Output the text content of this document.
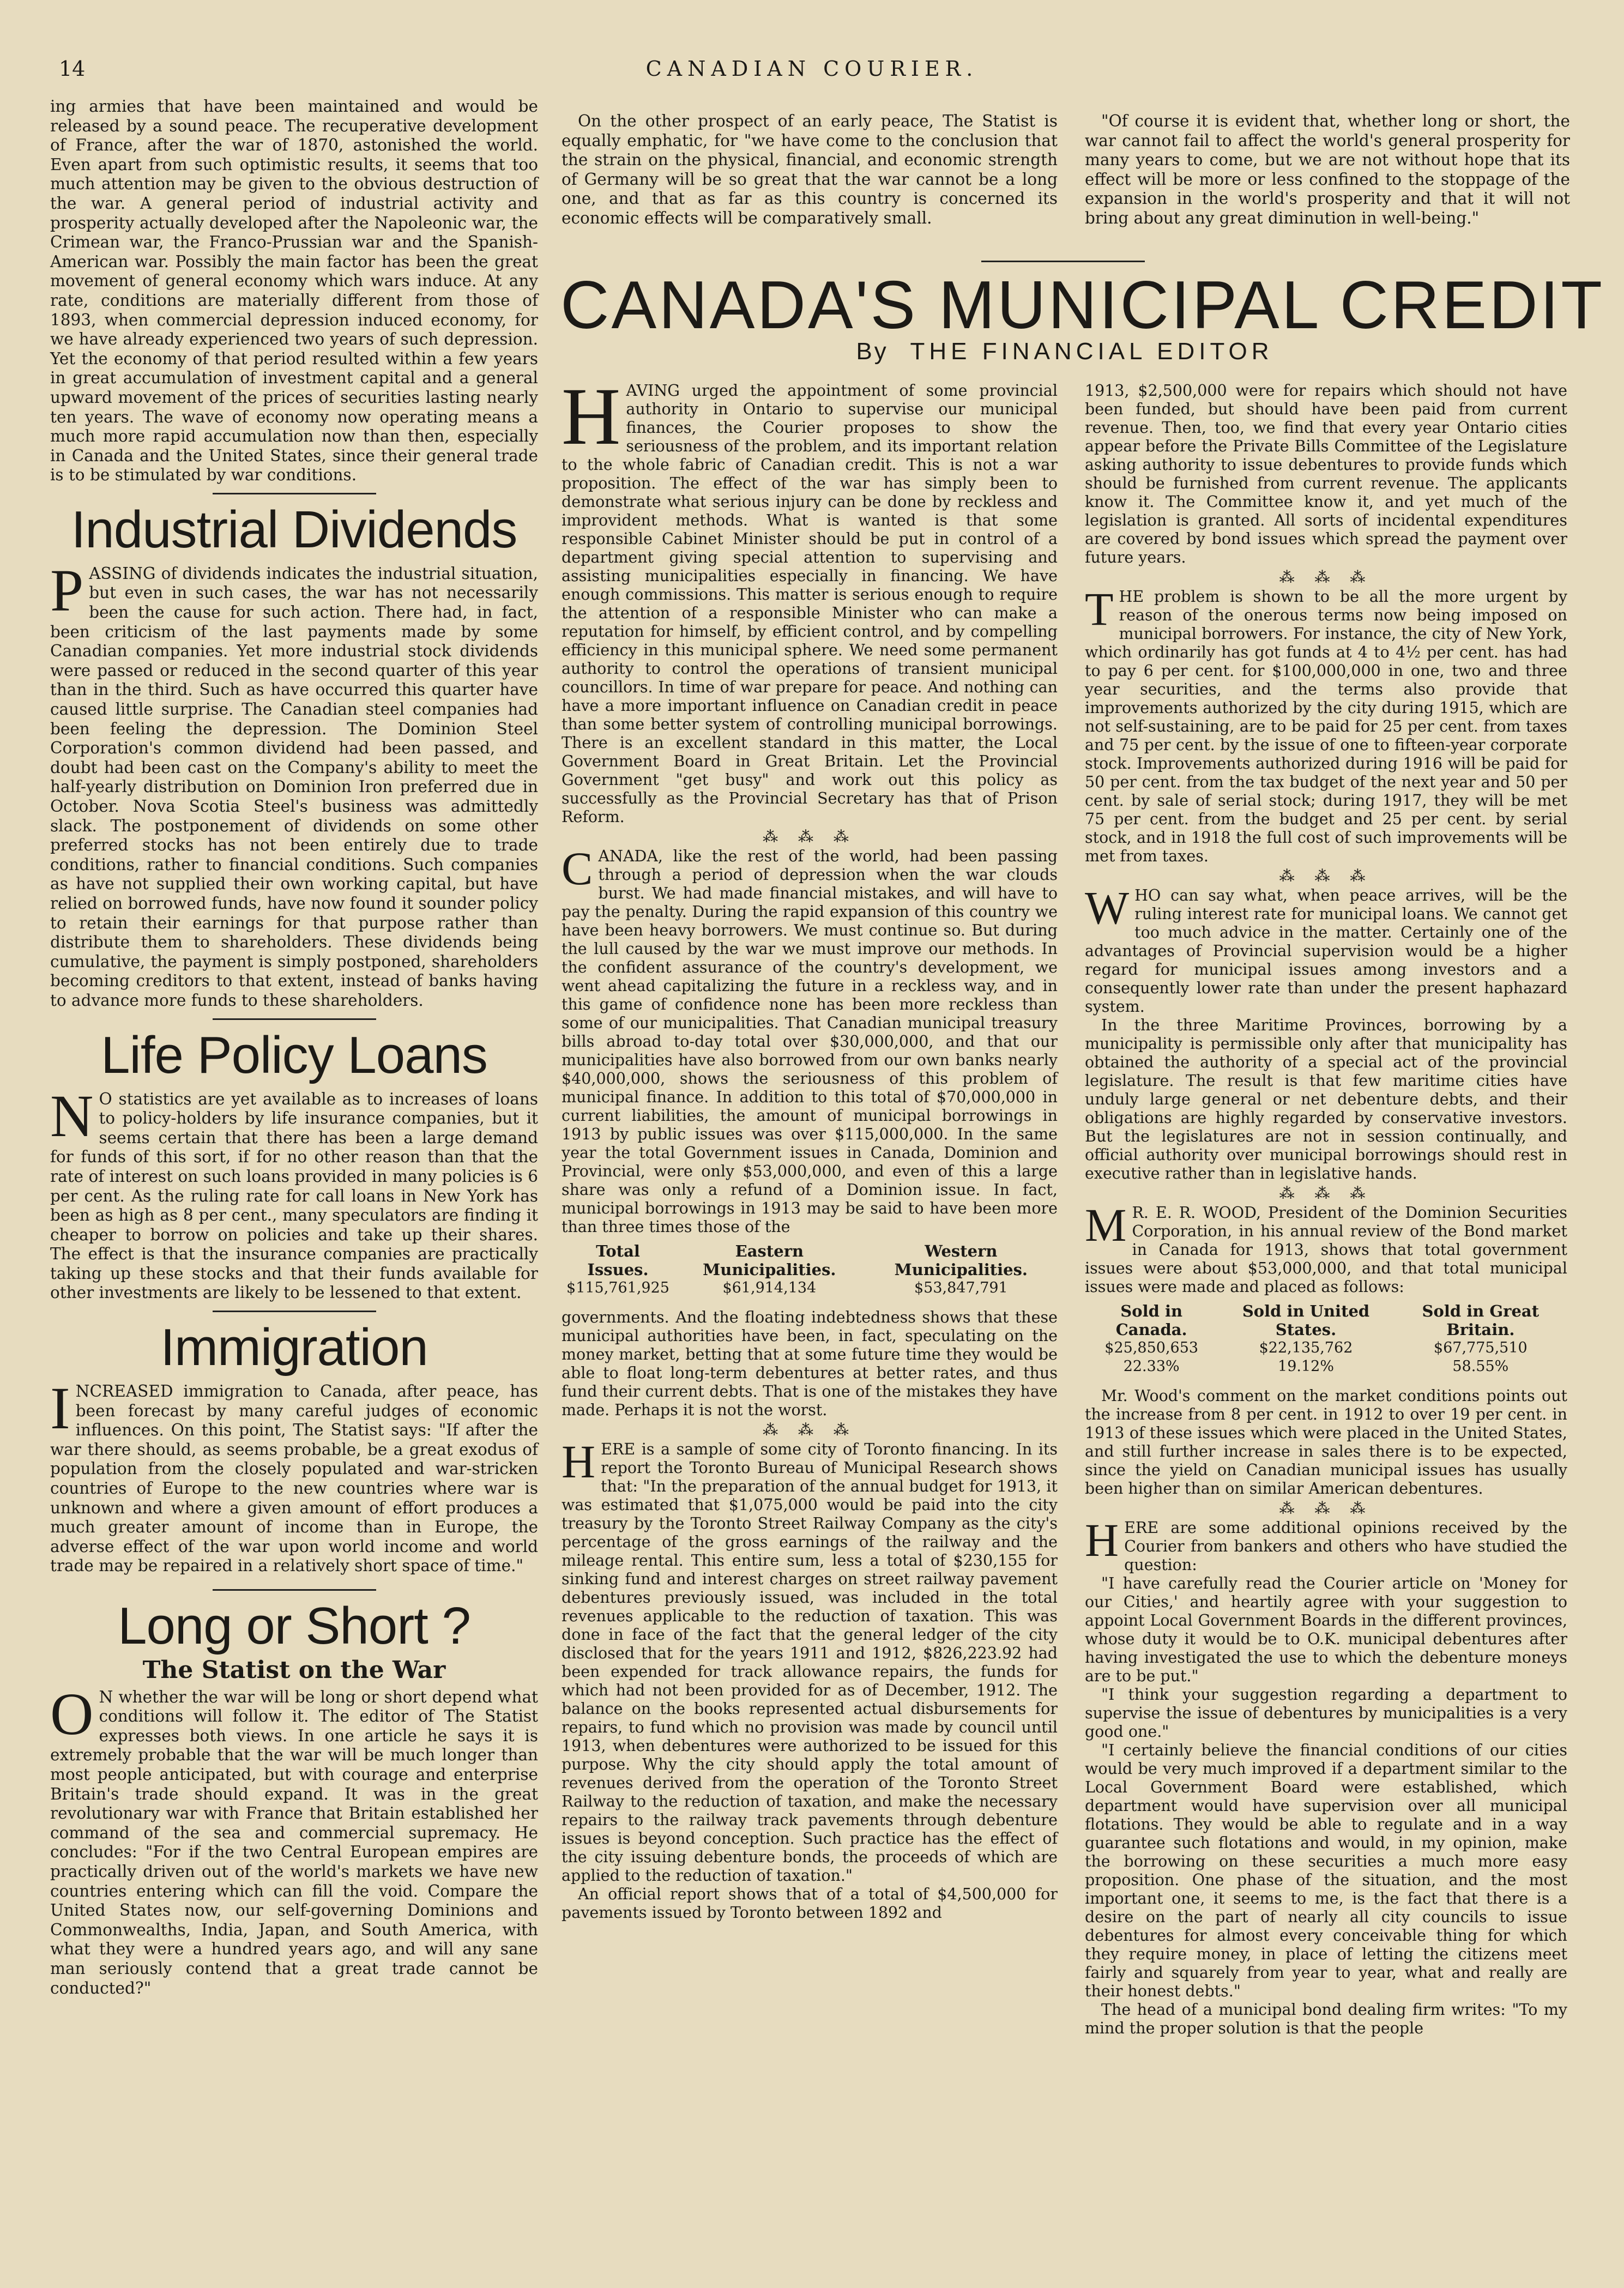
14	CANADIAN COURIER.

ing armies that have been maintained and would be released by a sound peace. The recuperative development of France, after the war of 1870, astonished the world. Even apart from such optimistic results, it seems that too much attention may be given to the obvious destruction of the war. A general period of industrial activity and prosperity actually developed after the Napoleonic war, the Crimean war, the Franco-Prussian war and the Spanish-American war. Possibly the main factor has been the great movement of general economy which wars induce. At any rate, conditions are materially different from those of 1893, when commercial depression induced economy, for we have already experienced two years of such depression. Yet the economy of that period resulted within a few years in great accumulation of investment capital and a general upward movement of the prices of securities lasting nearly ten years. The wave of economy now operating means a much more rapid accumulation now than then, especially in Canada and the United States, since their general trade is to be stimulated by war conditions.

Industrial Dividends
P ASSING of dividends indicates the industrial situation, but even in such cases, the war has not necessarily been the cause for such action. There had, in fact, been criticism of the last payments made by some Canadian companies. Yet more industrial stock dividends were passed or reduced in the second quarter of this year than in the third. Such as have occurred this quarter have caused little surprise. The Canadian steel companies had been feeling the depression. The Dominion Steel Corporation's common dividend had been passed, and doubt had been cast on the Company's ability to meet the half-yearly distribution on Dominion Iron preferred due in October. Nova Scotia Steel's business was admittedly slack. The postponement of dividends on some other preferred stocks has not been entirely due to trade conditions, rather to financial conditions. Such companies as have not supplied their own working capital, but have relied on borrowed funds, have now found it sounder policy to retain their earnings for that purpose rather than distribute them to shareholders. These dividends being cumulative, the payment is simply postponed, shareholders becoming creditors to that extent, instead of banks having to advance more funds to these shareholders.

Life Policy Loans
N O statistics are yet available as to increases of loans to policy-holders by life insurance companies, but it seems certain that there has been a large demand for funds of this sort, if for no other reason than that the rate of interest on such loans provided in many policies is 6 per cent. As the ruling rate for call loans in New York has been as high as 8 per cent., many speculators are finding it cheaper to borrow on policies and take up their shares. The effect is that the insurance companies are practically taking up these stocks and that their funds available for other investments are likely to be lessened to that extent.

Immigration
I NCREASED immigration to Canada, after peace, has been forecast by many careful judges of economic influences. On this point, The Statist says: "If after the war there should, as seems probable, be a great exodus of population from the closely populated and war-stricken countries of Europe to the new countries where war is unknown and where a given amount of effort produces a much greater amount of income than in Europe, the adverse effect of the war upon world income and world trade may be repaired in a relatively short space of time."

Long or Short ?
The Statist on the War
O N whether the war will be long or short depend what conditions will follow it. The editor of The Statist expresses both views. In one article he says it is extremely probable that the war will be much longer than most people anticipated, but with courage and enterprise Britain's trade should expand. It was in the great revolutionary war with France that Britain established her command of the sea and commercial supremacy. He concludes: "For if the two Central European empires are practically driven out of the world's markets we have new countries entering which can fill the void. Compare the United States now, our self-governing Dominions and Commonwealths, India, Japan, and South America, with what they were a hundred years ago, and will any sane man seriously contend that a great trade cannot be conducted?"

On the other prospect of an early peace, The Statist is equally emphatic, for "we have come to the conclusion that the strain on the physical, financial, and economic strength of Germany will be so great that the war cannot be a long one, and that as far as this country is concerned its economic effects will be comparatively small.

"Of course it is evident that, whether long or short, the war cannot fail to affect the world's general prosperity for many years to come, but we are not without hope that its effect will be more or less confined to the stoppage of the expansion in the world's prosperity and that it will not bring about any great diminution in well-being."

CANADA'S MUNICIPAL CREDIT
By THE FINANCIAL EDITOR
H AVING urged the appointment of some provincial authority in Ontario to supervise our municipal finances, the Courier proposes to show the seriousness of the problem, and its important relation to the whole fabric of Canadian credit. This is not a war proposition. The effect of the war has simply been to demonstrate what serious injury can be done by reckless and improvident methods. What is wanted is that some responsible Cabinet Minister should be put in control of a department giving special attention to supervising and assisting municipalities especially in financing. We have enough commissions. This matter is serious enough to require the attention of a responsible Minister who can make a reputation for himself, by efficient control, and by compelling efficiency in this municipal sphere. We need some permanent authority to control the operations of transient municipal councillors. In time of war prepare for peace. And nothing can have a more important influence on Canadian credit in peace than some better system of controlling municipal borrowings. There is an excellent standard in this matter, the Local Government Board in Great Britain. Let the Provincial Government "get busy" and work out this policy as successfully as the Provincial Secretary has that of Prison Reform.

⁂ ⁂ ⁂
C ANADA, like the rest of the world, had been passing through a period of depression when the war clouds burst. We had made financial mistakes, and will have to pay the penalty. During the rapid expansion of this country we have been heavy borrowers. We must continue so. But during the lull caused by the war we must improve our methods. In the confident assurance of the country's development, we went ahead capitalizing the future in a reckless way, and in this game of confidence none has been more reckless than some of our municipalities. That Canadian municipal treasury bills abroad to-day total over $30,000,000, and that our municipalities have also borrowed from our own banks nearly $40,000,000, shows the seriousness of this problem of municipal finance. In addition to this total of $70,000,000 in current liabilities, the amount of municipal borrowings in 1913 by public issues was over $115,000,000. In the same year the total Government issues in Canada, Dominion and Provincial, were only $53,000,000, and even of this a large share was only a refund of a Dominion issue. In fact, municipal borrowings in 1913 may be said to have been more than three times those of the

Total Issues.	Eastern Municipalities.	Western Municipalities.
$115,761,925	$61,914,134	$53,847,791

governments. And the floating indebtedness shows that these municipal authorities have been, in fact, speculating on the money market, betting that at some future time they would be able to float long-term debentures at better rates, and thus fund their current debts. That is one of the mistakes they have made. Perhaps it is not the worst.

⁂ ⁂ ⁂
H ERE is a sample of some city of Toronto financing. In its report the Toronto Bureau of Municipal Research shows that: "In the preparation of the annual budget for 1913, it was estimated that $1,075,000 would be paid into the city treasury by the Toronto Street Railway Company as the city's percentage of the gross earnings of the railway and the mileage rental. This entire sum, less a total of $230,155 for sinking fund and interest charges on street railway pavement debentures previously issued, was included in the total revenues applicable to the reduction of taxation. This was done in face of the fact that the general ledger of the city disclosed that for the years 1911 and 1912, $826,223.92 had been expended for track allowance repairs, the funds for which had not been provided for as of December, 1912. The balance on the books represented actual disbursements for repairs, to fund which no provision was made by council until 1913, when debentures were authorized to be issued for this purpose. Why the city should apply the total amount of revenues derived from the operation of the Toronto Street Railway to the reduction of taxation, and make the necessary repairs to the railway track pavements through debenture issues is beyond conception. Such practice has the effect of the city issuing debenture bonds, the proceeds of which are applied to the reduction of taxation."

An official report shows that of a total of $4,500,000 for pavements issued by Toronto between 1892 and

1913, $2,500,000 were for repairs which should not have been funded, but should have been paid from current revenue. Then, too, we find that every year Ontario cities appear before the Private Bills Committee of the Legislature asking authority to issue debentures to provide funds which should be furnished from current revenue. The applicants know it. The Committee know it, and yet much of the legislation is granted. All sorts of incidental expenditures are covered by bond issues which spread the payment over future years.

⁂ ⁂ ⁂
T HE problem is shown to be all the more urgent by reason of the onerous terms now being imposed on municipal borrowers. For instance, the city of New York, which ordinarily has got funds at 4 to 4½ per cent. has had to pay 6 per cent. for $100,000,000 in one, two and three year securities, and the terms also provide that improvements authorized by the city during 1915, which are not self-sustaining, are to be paid for 25 per cent. from taxes and 75 per cent. by the issue of one to fifteen-year corporate stock. Improvements authorized during 1916 will be paid for 50 per cent. from the tax budget of the next year and 50 per cent. by sale of serial stock; during 1917, they will be met 75 per cent. from the budget and 25 per cent. by serial stock, and in 1918 the full cost of such improvements will be met from taxes.

⁂ ⁂ ⁂
W HO can say what, when peace arrives, will be the ruling interest rate for municipal loans. We cannot get too much advice in the matter. Certainly one of the advantages of Provincial supervision would be a higher regard for municipal issues among investors and a consequently lower rate than under the present haphazard system.

In the three Maritime Provinces, borrowing by a municipality is permissible only after that municipality has obtained the authority of a special act of the provincial legislature. The result is that few maritime cities have unduly large general or net debenture debts, and their obligations are highly regarded by conservative investors. But the legislatures are not in session continually, and official authority over municipal borrowings should rest in executive rather than in legislative hands.

⁂ ⁂ ⁂
M R. E. R. WOOD, President of the Dominion Securities Corporation, in his annual review of the Bond market in Canada for 1913, shows that total government issues were about $53,000,000, and that total municipal issues were made and placed as follows:

Sold in Canada.	Sold in United States.	Sold in Great Britain.
$25,850,653	$22,135,762	$67,775,510
22.33%	19.12%	58.55%

Mr. Wood's comment on the market conditions points out the increase from 8 per cent. in 1912 to over 19 per cent. in 1913 of these issues which were placed in the United States, and still further increase in sales there is to be expected, since the yield on Canadian municipal issues has usually been higher than on similar American debentures.

⁂ ⁂ ⁂
H ERE are some additional opinions received by the Courier from bankers and others who have studied the question:

"I have carefully read the Courier article on 'Money for our Cities,' and heartily agree with your suggestion to appoint Local Government Boards in the different provinces, whose duty it would be to O.K. municipal debentures after having investigated the use to which the debenture moneys are to be put."

"I think your suggestion regarding a department to supervise the issue of debentures by municipalities is a very good one."

"I certainly believe the financial conditions of our cities would be very much improved if a department similar to the Local Government Board were established, which department would have supervision over all municipal flotations. They would be able to regulate and in a way guarantee such flotations and would, in my opinion, make the borrowing on these securities a much more easy proposition. One phase of the situation, and the most important one, it seems to me, is the fact that there is a desire on the part of nearly all city councils to issue debentures for almost every conceivable thing for which they require money, in place of letting the citizens meet fairly and squarely from year to year, what and really are their honest debts."

The head of a municipal bond dealing firm writes: "To my mind the proper solution is that the people
